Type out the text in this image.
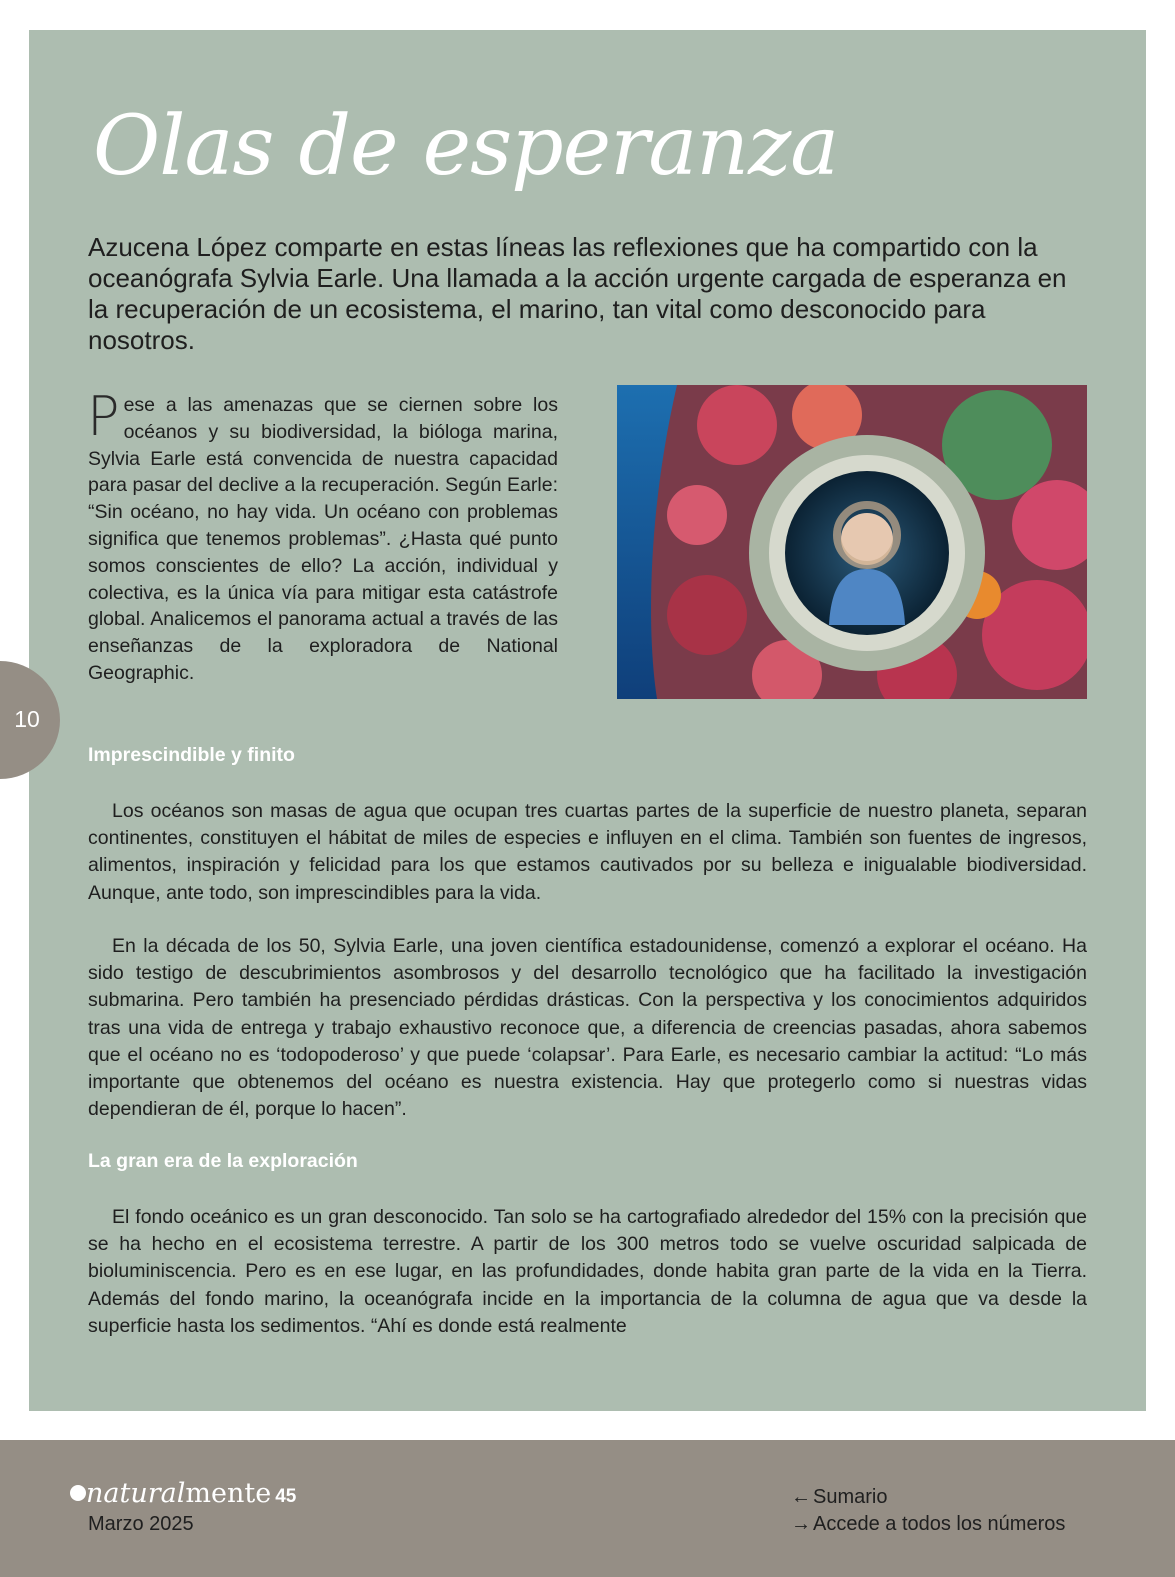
Olas de esperanza

Azucena López comparte en estas líneas las reflexiones que ha compartido con la oceanógrafa Sylvia Earle. Una llamada a la acción urgente cargada de esperanza en la recuperación de un ecosistema, el marino, tan vital como desconocido para nosotros.

Pese a las amenazas que se ciernen sobre los océanos y su biodiversidad, la bióloga marina, Sylvia Earle está convencida de nuestra capacidad para pasar del declive a la recuperación. Según Earle: “Sin océano, no hay vida. Un océano con problemas significa que tenemos problemas”. ¿Hasta qué punto somos conscientes de ello? La acción, individual y colectiva, es la única vía para mitigar esta catástrofe global. Analicemos el panorama actual a través de las enseñanzas de la exploradora de National Geographic.

10
Imprescindible y finito

Los océanos son masas de agua que ocupan tres cuartas partes de la superficie de nuestro planeta, separan continentes, constituyen el hábitat de miles de especies e influyen en el clima. También son fuentes de ingresos, alimentos, inspiración y felicidad para los que estamos cautivados por su belleza e inigualable biodiversidad. Aunque, ante todo, son imprescindibles para la vida.

En la década de los 50, Sylvia Earle, una joven científica estadounidense, comenzó a explorar el océano. Ha sido testigo de descubrimientos asombrosos y del desarrollo tecnológico que ha facilitado la investigación submarina. Pero también ha presenciado pérdidas drásticas. Con la perspectiva y los conocimientos adquiridos tras una vida de entrega y trabajo exhaustivo reconoce que, a diferencia de creencias pasadas, ahora sabemos que el océano no es ‘todopoderoso’ y que puede ‘colapsar’. Para Earle, es necesario cambiar la actitud: “Lo más importante que obtenemos del océano es nuestra existencia. Hay que protegerlo como si nuestras vidas dependieran de él, porque lo hacen”.

La gran era de la exploración

El fondo oceánico es un gran desconocido. Tan solo se ha cartografiado alrededor del 15% con la precisión que se ha hecho en el ecosistema terrestre. A partir de los 300 metros todo se vuelve oscuridad salpicada de bioluminiscencia. Pero es en ese lugar, en las profundidades, donde habita gran parte de la vida en la Tierra. Además del fondo marino, la oceanógrafa incide en la importancia de la columna de agua que va desde la superficie hasta los sedimentos. “Ahí es donde está realmente

naturalmente 45
Marzo 2025
← Sumario
→ Accede a todos los números
